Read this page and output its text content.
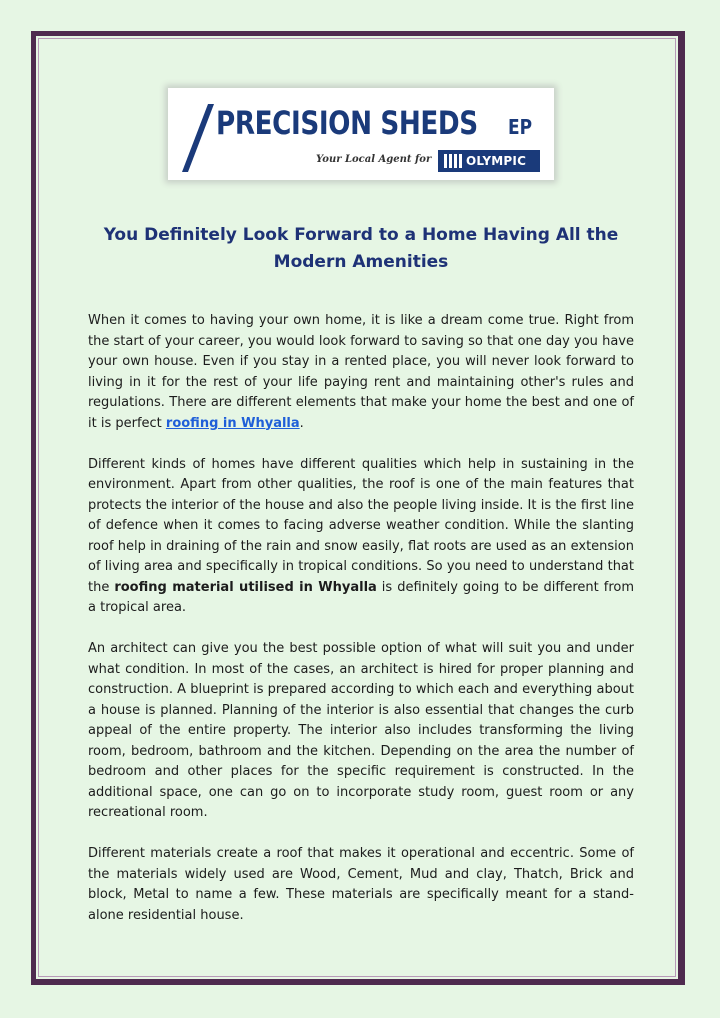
PRECISION SHEDS EP
Your Local Agent for	OLYMPIC
You Definitely Look Forward to a Home Having All the Modern Amenities

When it comes to having your own home, it is like a dream come true. Right from the start of your career, you would look forward to saving so that one day you have your own house. Even if you stay in a rented place, you will never look forward to living in it for the rest of your life paying rent and maintaining other's rules and regulations. There are different elements that make your home the best and one of it is perfect roofing in Whyalla.

Different kinds of homes have different qualities which help in sustaining in the environment. Apart from other qualities, the roof is one of the main features that protects the interior of the house and also the people living inside. It is the first line of defence when it comes to facing adverse weather condition. While the slanting roof help in draining of the rain and snow easily, flat roots are used as an extension of living area and specifically in tropical conditions. So you need to understand that the roofing material utilised in Whyalla is definitely going to be different from a tropical area.

An architect can give you the best possible option of what will suit you and under what condition. In most of the cases, an architect is hired for proper planning and construction. A blueprint is prepared according to which each and everything about a house is planned. Planning of the interior is also essential that changes the curb appeal of the entire property. The interior also includes transforming the living room, bedroom, bathroom and the kitchen. Depending on the area the number of bedroom and other places for the specific requirement is constructed. In the additional space, one can go on to incorporate study room, guest room or any recreational room.

Different materials create a roof that makes it operational and eccentric. Some of the materials widely used are Wood, Cement, Mud and clay, Thatch, Brick and block, Metal to name a few. These materials are specifically meant for a stand-alone residential house.
